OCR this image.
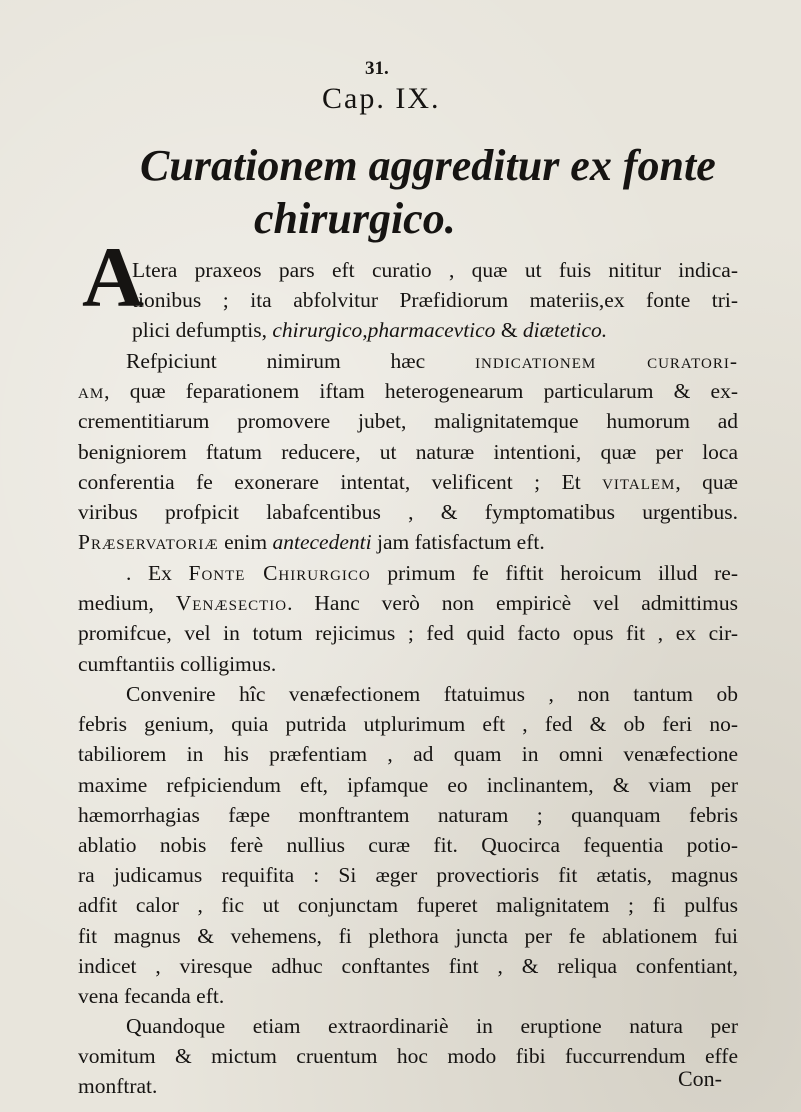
31.
Cap. IX.
Curationem aggreditur ex fonte
chirurgico.
A
Ltera praxeos pars eft curatio , quæ ut fuis nititur indica-
tionibus ; ita abfolvitur Præfidiorum materiis,ex fonte tri-
plici defumptis, chirurgico,pharmacevtico & diætetico.
Refpiciunt nimirum hæc indicationem curatori-
am, quæ feparationem iftam heterogenearum particularum & ex-
crementitiarum promovere jubet, malignitatemque humorum ad
benigniorem ftatum reducere, ut naturæ intentioni, quæ per loca
conferentia fe exonerare intentat, velificent ; Et vitalem, quæ
viribus profpicit labafcentibus , & fymptomatibus urgentibus.
Præservatoriæ enim antecedenti jam fatisfactum eft.
. Ex Fonte Chirurgico primum fe fiftit heroicum illud re-
medium, Venæsectio. Hanc verò non empiricè vel admittimus
promifcue, vel in totum rejicimus ; fed quid facto opus fit , ex cir-
cumftantiis colligimus.
Convenire hîc venæfectionem ftatuimus , non tantum ob
febris genium, quia putrida utplurimum eft , fed & ob feri no-
tabiliorem in his præfentiam , ad quam in omni venæfectione
maxime refpiciendum eft, ipfamque eo inclinantem, & viam per
hæmorrhagias fæpe monftrantem naturam ; quanquam febris
ablatio nobis ferè nullius curæ fit. Quocirca fequentia potio-
ra judicamus requifita : Si æger provectioris fit ætatis, magnus
adfit calor , fic ut conjunctam fuperet malignitatem ; fi pulfus
fit magnus & vehemens, fi plethora juncta per fe ablationem fui
indicet , viresque adhuc conftantes fint , & reliqua confentiant,
vena fecanda eft.
Quandoque etiam extraordinariè in eruptione natura per
vomitum & mictum cruentum hoc modo fibi fuccurrendum effe
monftrat.	Con-
